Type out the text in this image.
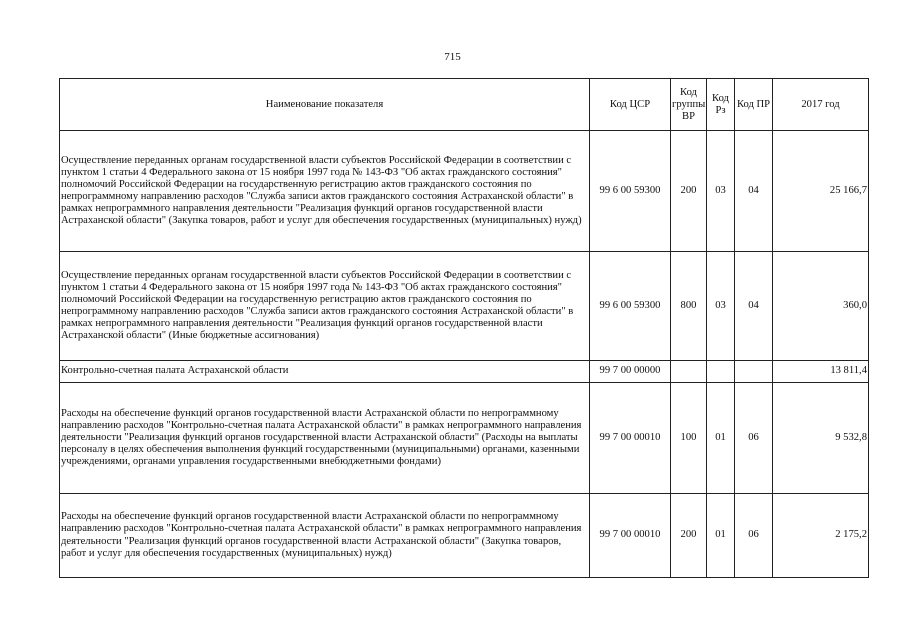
715
Наименование показателя	Код ЦСР	Код группы ВР	Код Рз	Код ПР	2017 год
Осуществление переданных органам государственной власти субъектов Российской Федерации в соответствии с пунктом 1 статьи 4 Федерального закона от 15 ноября 1997 года № 143-ФЗ "Об актах гражданского состояния" полномочий Российской Федерации на государственную регистрацию актов гражданского состояния по непрограммному направлению расходов "Служба записи актов гражданского состояния Астраханской области" в рамках непрограммного направления деятельности "Реализация функций органов государственной власти Астраханской области" (Закупка товаров, работ и услуг для обеспечения государственных (муниципальных) нужд)	99 6 00 59300	200	03	04	25 166,7
Осуществление переданных органам государственной власти субъектов Российской Федерации в соответствии с пунктом 1 статьи 4 Федерального закона от 15 ноября 1997 года № 143-ФЗ "Об актах гражданского состояния" полномочий Российской Федерации на государственную регистрацию актов гражданского состояния по непрограммному направлению расходов "Служба записи актов гражданского состояния Астраханской области" в рамках непрограммного направления деятельности "Реализация функций органов государственной власти Астраханской области" (Иные бюджетные ассигнования)	99 6 00 59300	800	03	04	360,0
Контрольно-счетная палата Астраханской области	99 7 00 00000				13 811,4
Расходы на обеспечение функций органов государственной власти Астраханской области по непрограммному направлению расходов "Контрольно-счетная палата Астраханской области" в рамках непрограммного направления деятельности "Реализация функций органов государственной власти Астраханской области" (Расходы на выплаты персоналу в целях обеспечения выполнения функций государственными (муниципальными) органами, казенными учреждениями, органами управления государственными внебюджетными фондами)	99 7 00 00010	100	01	06	9 532,8
Расходы на обеспечение функций органов государственной власти Астраханской области по непрограммному направлению расходов "Контрольно-счетная палата Астраханской области" в рамках непрограммного направления деятельности "Реализация функций органов государственной власти Астраханской области" (Закупка товаров, работ и услуг для обеспечения государственных (муниципальных) нужд)	99 7 00 00010	200	01	06	2 175,2
